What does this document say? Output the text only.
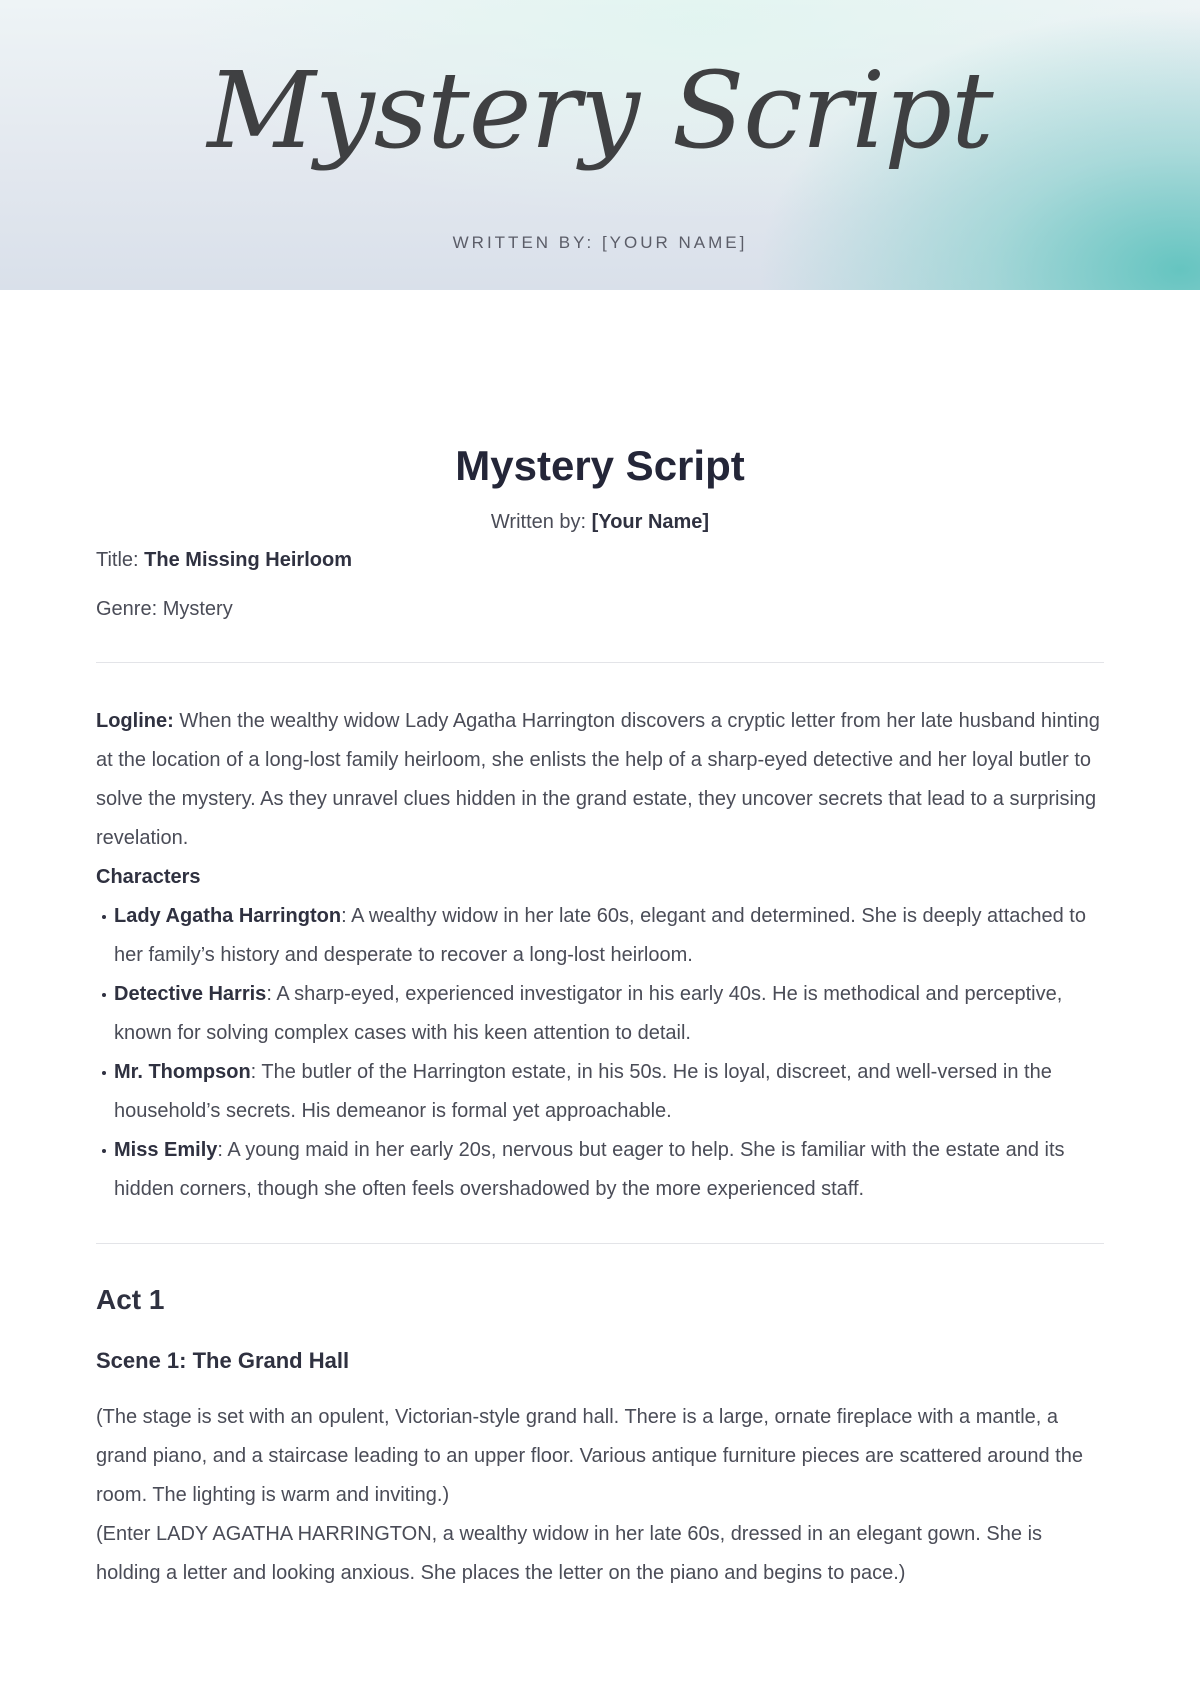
Mystery Script
WRITTEN BY: [YOUR NAME]
Mystery Script
Written by: [Your Name]

Title: The Missing Heirloom

Genre: Mystery

Logline: When the wealthy widow Lady Agatha Harrington discovers a cryptic letter from her late husband hinting at the location of a long-lost family heirloom, she enlists the help of a sharp-eyed detective and her loyal butler to solve the mystery. As they unravel clues hidden in the grand estate, they uncover secrets that lead to a surprising revelation.

Characters

Lady Agatha Harrington: A wealthy widow in her late 60s, elegant and determined. She is deeply attached to her family’s history and desperate to recover a long-lost heirloom.
Detective Harris: A sharp-eyed, experienced investigator in his early 40s. He is methodical and perceptive, known for solving complex cases with his keen attention to detail.
Mr. Thompson: The butler of the Harrington estate, in his 50s. He is loyal, discreet, and well-versed in the household’s secrets. His demeanor is formal yet approachable.
Miss Emily: A young maid in her early 20s, nervous but eager to help. She is familiar with the estate and its hidden corners, though she often feels overshadowed by the more experienced staff.
Act 1
Scene 1: The Grand Hall

(The stage is set with an opulent, Victorian-style grand hall. There is a large, ornate fireplace with a mantle, a grand piano, and a staircase leading to an upper floor. Various antique furniture pieces are scattered around the room. The lighting is warm and inviting.)

(Enter LADY AGATHA HARRINGTON, a wealthy widow in her late 60s, dressed in an elegant gown. She is holding a letter and looking anxious. She places the letter on the piano and begins to pace.)
